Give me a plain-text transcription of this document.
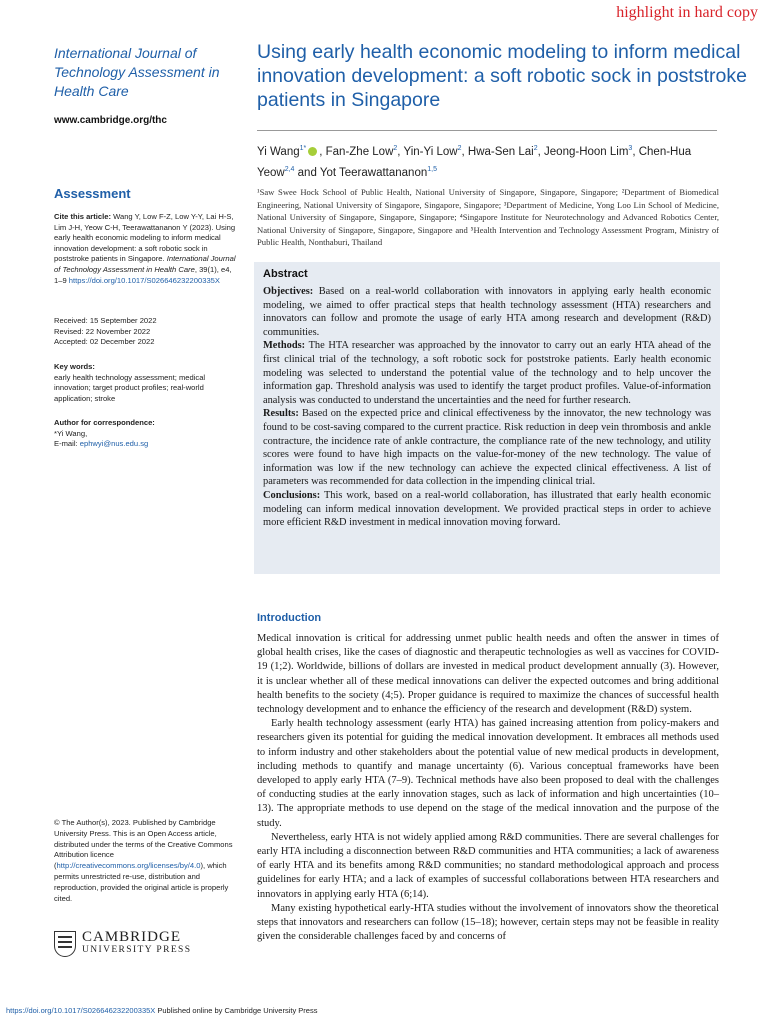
highlight in hard copy
International Journal of
Technology Assessment in
Health Care
www.cambridge.org/thc
Assessment
Cite this article: Wang Y, Low F-Z, Low Y-Y, Lai H-S, Lim J-H, Yeow C-H, Teerawattananon Y (2023). Using early health economic modeling to inform medical innovation development: a soft robotic sock in poststroke patients in Singapore. International Journal of Technology Assessment in Health Care, 39(1), e4, 1–9 https://doi.org/10.1017/S026646232200335X
Received: 15 September 2022
Revised: 22 November 2022
Accepted: 02 December 2022
Key words:
early health technology assessment; medical innovation; target product profiles; real-world application; stroke
Author for correspondence:
*Yi Wang,
E-mail: ephwyi@nus.edu.sg
© The Author(s), 2023. Published by Cambridge University Press. This is an Open Access article, distributed under the terms of the Creative Commons Attribution licence (http://creativecommons.org/licenses/by/4.0), which permits unrestricted re-use, distribution and reproduction, provided the original article is properly cited.
CAMBRIDGE
UNIVERSITY PRESS
Using early health economic modeling to inform medical innovation development: a soft robotic sock in poststroke patients in Singapore
Yi Wang$^{1*}$ , Fan-Zhe Low$^2$, Yin-Yi Low$^2$, Hwa-Sen Lai$^2$, Jeong-Hoon Lim$^3$, Chen-Hua Yeow$^{2,4}$ and Yot Teerawattananon$^{1,5}$
¹Saw Swee Hock School of Public Health, National University of Singapore, Singapore, Singapore; ²Department of Biomedical Engineering, National University of Singapore, Singapore, Singapore; ³Department of Medicine, Yong Loo Lin School of Medicine, National University of Singapore, Singapore, Singapore; ⁴Singapore Institute for Neurotechnology and Advanced Robotics Center, National University of Singapore, Singapore, Singapore and ⁵Health Intervention and Technology Assessment Program, Ministry of Public Health, Nonthaburi, Thailand
Abstract

Objectives: Based on a real-world collaboration with innovators in applying early health economic modeling, we aimed to offer practical steps that health technology assessment (HTA) researchers and innovators can follow and promote the usage of early HTA among research and development (R&D) communities.

Methods: The HTA researcher was approached by the innovator to carry out an early HTA ahead of the first clinical trial of the technology, a soft robotic sock for poststroke patients. Early health economic modeling was selected to understand the potential value of the technology and to help uncover the information gap. Threshold analysis was used to identify the target product profiles. Value-of-information analysis was conducted to understand the uncertainties and the need for further research.

Results: Based on the expected price and clinical effectiveness by the innovator, the new technology was found to be cost-saving compared to the current practice. Risk reduction in deep vein thrombosis and ankle contracture, the incidence rate of ankle contracture, the compliance rate of the new technology, and utility scores were found to have high impacts on the value-for-money of the new technology. The value of information was low if the new technology can achieve the expected clinical effectiveness. A list of parameters was recommended for data collection in the impending clinical trial.

Conclusions: This work, based on a real-world collaboration, has illustrated that early health economic modeling can inform medical innovation development. We provided practical steps in order to achieve more efficient R&D investment in medical innovation moving forward.

Introduction

Medical innovation is critical for addressing unmet public health needs and often the answer in times of global health crises, like the cases of diagnostic and therapeutic technologies as well as vaccines for COVID-19 (1;2). Worldwide, billions of dollars are invested in medical product development annually (3). However, it is unclear whether all of these medical innovations can deliver the expected outcomes and bring additional health benefits to the society (4;5). Proper guidance is required to maximize the chances of successful health technology development and to enhance the efficiency of the research and development (R&D) system.

Early health technology assessment (early HTA) has gained increasing attention from policy-makers and researchers given its potential for guiding the medical innovation development. It embraces all methods used to inform industry and other stakeholders about the potential value of new medical products in development, including methods to quantify and manage uncertainty (6). Various conceptual frameworks have been developed to apply early HTA (7–9). Technical methods have also been proposed to deal with the challenges of conducting studies at the early innovation stages, such as lack of information and high uncertainties (10–13). The appropriate methods to use depend on the stage of the medical innovation and the purpose of the study.

Nevertheless, early HTA is not widely applied among R&D communities. There are several challenges for early HTA including a disconnection between R&D communities and HTA communities; a lack of awareness of early HTA and its benefits among R&D communities; no standard methodological approach and process guidelines for early HTA; and a lack of examples of successful collaborations between HTA researchers and innovators in applying early HTA (6;14).

Many existing hypothetical early-HTA studies without the involvement of innovators show the theoretical steps that innovators and researchers can follow (15–18); however, certain steps may not be feasible in reality given the considerable challenges faced by and concerns of

https://doi.org/10.1017/S026646232200335X Published online by Cambridge University Press
